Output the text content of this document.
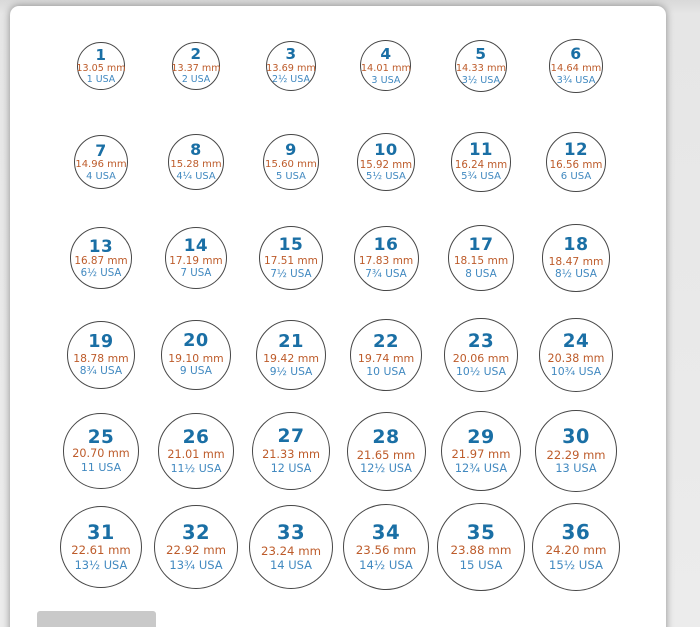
1
13.05 mm
1 USA
2
13.37 mm
2 USA
3
13.69 mm
2½ USA
4
14.01 mm
3 USA
5
14.33 mm
3½ USA
6
14.64 mm
3¾ USA
7
14.96 mm
4 USA
8
15.28 mm
4¼ USA
9
15.60 mm
5 USA
10
15.92 mm
5½ USA
11
16.24 mm
5¾ USA
12
16.56 mm
6 USA
13
16.87 mm
6½ USA
14
17.19 mm
7 USA
15
17.51 mm
7½ USA
16
17.83 mm
7¾ USA
17
18.15 mm
8 USA
18
18.47 mm
8½ USA
19
18.78 mm
8¾ USA
20
19.10 mm
9 USA
21
19.42 mm
9½ USA
22
19.74 mm
10 USA
23
20.06 mm
10½ USA
24
20.38 mm
10¾ USA
25
20.70 mm
11 USA
26
21.01 mm
11½ USA
27
21.33 mm
12 USA
28
21.65 mm
12½ USA
29
21.97 mm
12¾ USA
30
22.29 mm
13 USA
31
22.61 mm
13½ USA
32
22.92 mm
13¾ USA
33
23.24 mm
14 USA
34
23.56 mm
14½ USA
35
23.88 mm
15 USA
36
24.20 mm
15½ USA
